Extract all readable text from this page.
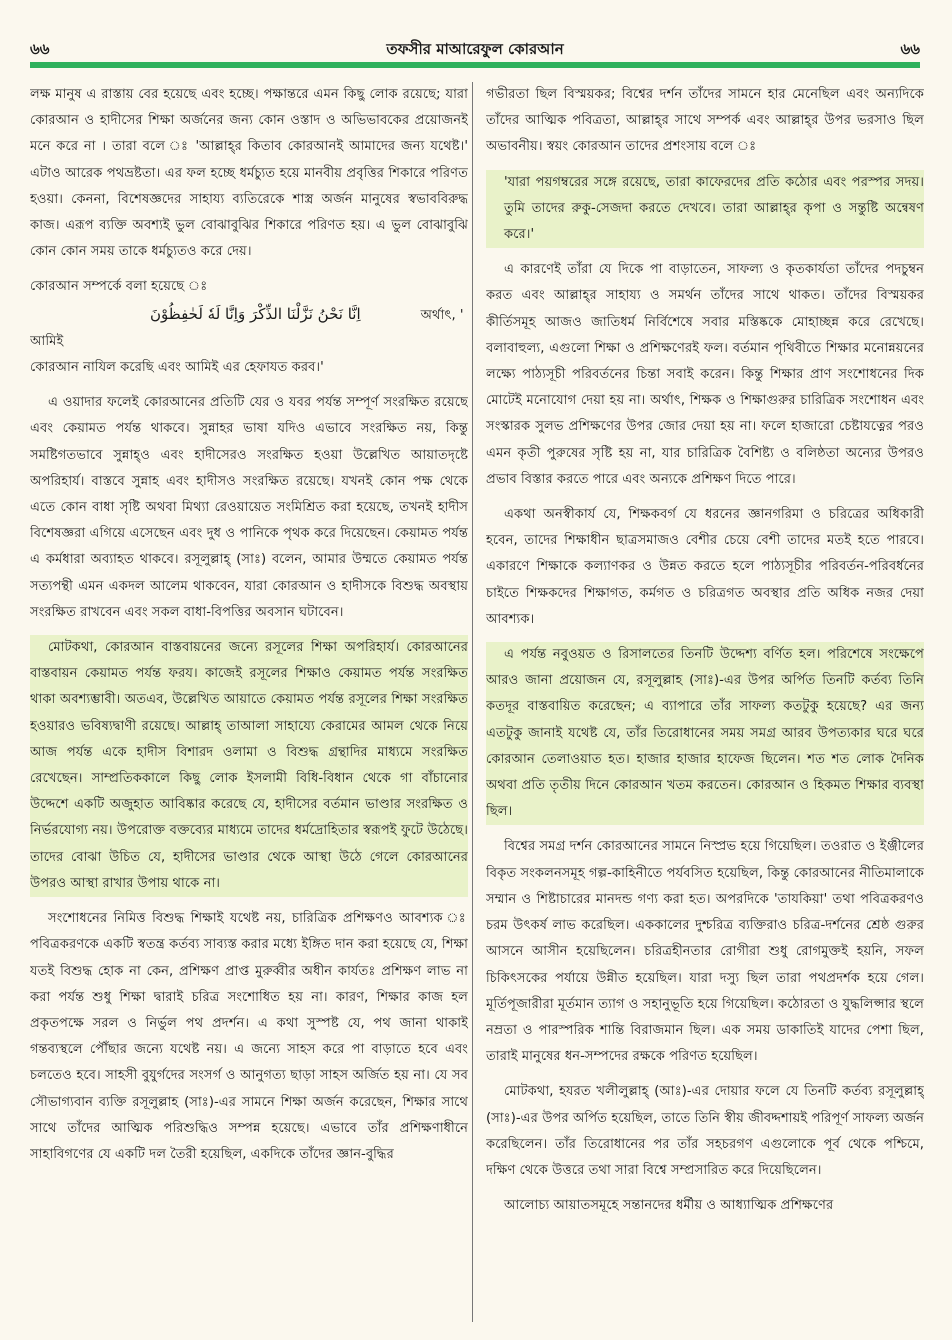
৬৬	তফসীর মাআরেফুল কোরআন	৬৬

লক্ষ মানুষ এ রাস্তায় বের হয়েছে এবং হচ্ছে। পক্ষান্তরে এমন কিছু লোক রয়েছে; যারা কোরআন ও হাদীসের শিক্ষা অর্জনের জন্য কোন ওস্তাদ ও অভিভাবকের প্রয়োজনই মনে করে না । তারা বলে ঃ 'আল্লাহ্‌র কিতাব কোরআনই আমাদের জন্য যথেষ্ট।' এটাও আরেক পথভ্রষ্টতা। এর ফল হচ্ছে ধর্মচ্যুত হয়ে মানবীয় প্রবৃত্তির শিকারে পরিণত হওয়া। কেননা, বিশেষজ্ঞদের সাহায্য ব্যতিরেকে শাস্ত্র অর্জন মানুষের স্বভাববিরুদ্ধ কাজ। এরূপ ব্যক্তি অবশ্যই ভুল বোঝাবুঝির শিকারে পরিণত হয়। এ ভুল বোঝাবুঝি কোন কোন সময় তাকে ধর্মচ্যুতও করে দেয়।

কোরআন সম্পর্কে বলা হয়েছে ঃ

اِنَّا نَحْنُ نَزَّلْنَا الذِّكْرَ وَاِنَّا لَهٗ لَحٰفِظُوْنَ	অর্থাৎ, ' আমিই

কোরআন নাযিল করেছি এবং আমিই এর হেফাযত করব।'

এ ওয়াদার ফলেই কোরআনের প্রতিটি যের ও যবর পর্যন্ত সম্পূর্ণ সংরক্ষিত রয়েছে এবং কেয়ামত পর্যন্ত থাকবে। সুন্নাহর ভাষা যদিও এভাবে সংরক্ষিত নয়, কিন্তু সমষ্টিগতভাবে সুন্নাহ্‌ও এবং হাদীসেরও সংরক্ষিত হওয়া উল্লেখিত আয়াতদৃষ্টে অপরিহার্য। বাস্তবে সুন্নাহ এবং হাদীসও সংরক্ষিত রয়েছে। যখনই কোন পক্ষ থেকে এতে কোন বাধা সৃষ্টি অথবা মিথ্যা রেওয়ায়েত সংমিশ্রিত করা হয়েছে, তখনই হাদীস বিশেষজ্ঞরা এগিয়ে এসেছেন এবং দুধ ও পানিকে পৃথক করে দিয়েছেন। কেয়ামত পর্যন্ত এ কর্মধারা অব্যাহত থাকবে। রসূলুল্লাহ্ (সাঃ) বলেন, আমার উম্মতে কেয়ামত পর্যন্ত সত্যপন্থী এমন একদল আলেম থাকবেন, যারা কোরআন ও হাদীসকে বিশুদ্ধ অবস্থায় সংরক্ষিত রাখবেন এবং সকল বাধা-বিপত্তির অবসান ঘটাবেন।

মোটকথা, কোরআন বাস্তবায়নের জন্যে রসূলের শিক্ষা অপরিহার্য। কোরআনের বাস্তবায়ন কেয়ামত পর্যন্ত ফরয। কাজেই রসূলের শিক্ষাও কেয়ামত পর্যন্ত সংরক্ষিত থাকা অবশ্যম্ভাবী। অতএব, উল্লেখিত আয়াতে কেয়ামত পর্যন্ত রসূলের শিক্ষা সংরক্ষিত হওয়ারও ভবিষ্যদ্বাণী রয়েছে। আল্লাহ্ তাআলা সাহায্যে কেরামের আমল থেকে নিয়ে আজ পর্যন্ত একে হাদীস বিশারদ ওলামা ও বিশুদ্ধ গ্রন্থাদির মাধ্যমে সংরক্ষিত রেখেছেন। সাম্প্রতিককালে কিছু লোক ইসলামী বিধি-বিধান থেকে গা বাঁচানোর উদ্দেশে একটি অজুহাত আবিষ্কার করেছে যে, হাদীসের বর্তমান ভাণ্ডার সংরক্ষিত ও নির্ভরযোগ্য নয়। উপরোক্ত বক্তব্যের মাধ্যমে তাদের ধর্মদ্রোহিতার স্বরূপই ফুটে উঠেছে। তাদের বোঝা উচিত যে, হাদীসের ভাণ্ডার থেকে আস্থা উঠে গেলে কোরআনের উপরও আস্থা রাখার উপায় থাকে না।

সংশোধনের নিমিত্ত বিশুদ্ধ শিক্ষাই যথেষ্ট নয়, চারিত্রিক প্রশিক্ষণও আবশ্যক ঃ পবিত্রকরণকে একটি স্বতন্ত্র কর্তব্য সাব্যস্ত করার মধ্যে ইঙ্গিত দান করা হয়েছে যে, শিক্ষা যতই বিশুদ্ধ হোক না কেন, প্রশিক্ষণ প্রাপ্ত মুরুব্বীর অধীন কার্যতঃ প্রশিক্ষণ লাভ না করা পর্যন্ত শুধু শিক্ষা দ্বারাই চরিত্র সংশোধিত হয় না। কারণ, শিক্ষার কাজ হল প্রকৃতপক্ষে সরল ও নির্ভুল পথ প্রদর্শন। এ কথা সুস্পষ্ট যে, পথ জানা থাকাই গন্তব্যস্থলে পৌঁছার জন্যে যথেষ্ট নয়। এ জন্যে সাহস করে পা বাড়াতে হবে এবং চলতেও হবে। সাহসী বুযুর্গদের সংসর্গ ও আনুগত্য ছাড়া সাহস অর্জিত হয় না। যে সব সৌভাগ্যবান ব্যক্তি রসূলুল্লাহ (সাঃ)-এর সামনে শিক্ষা অর্জন করেছেন, শিক্ষার সাথে সাথে তাঁদের আত্মিক পরিশুদ্ধিও সম্পন্ন হয়েছে। এভাবে তাঁর প্রশিক্ষণাধীনে সাহাবিগণের যে একটি দল তৈরী হয়েছিল, একদিকে তাঁদের জ্ঞান-বুদ্ধির

গভীরতা ছিল বিস্ময়কর; বিশ্বের দর্শন তাঁদের সামনে হার মেনেছিল এবং অন্যদিকে তাঁদের আত্মিক পবিত্রতা, আল্লাহ্‌র সাথে সম্পর্ক এবং আল্লাহ্‌র উপর ভরসাও ছিল অভাবনীয়। স্বয়ং কোরআন তাদের প্রশংসায় বলে ঃ

'যারা পয়গম্বরের সঙ্গে রয়েছে, তারা কাফেরদের প্রতি কঠোর এবং পরস্পর সদয়। তুমি তাদের রুকু-সেজদা করতে দেখবে। তারা আল্লাহ্‌র কৃপা ও সন্তুষ্টি অন্বেষণ করে।'

এ কারণেই তাঁরা যে দিকে পা বাড়াতেন, সাফল্য ও কৃতকার্যতা তাঁদের পদচুম্বন করত এবং আল্লাহ্‌র সাহায্য ও সমর্থন তাঁদের সাথে থাকত। তাঁদের বিস্ময়কর কীর্তিসমূহ আজও জাতিধর্ম নির্বিশেষে সবার মস্তিষ্ককে মোহাচ্ছন্ন করে রেখেছে। বলাবাহুল্য, এগুলো শিক্ষা ও প্রশিক্ষণেরই ফল। বর্তমান পৃথিবীতে শিক্ষার মনোন্নয়নের লক্ষ্যে পাঠ্যসূচী পরিবর্তনের চিন্তা সবাই করেন। কিন্তু শিক্ষার প্রাণ সংশোধনের দিক মোটেই মনোযোগ দেয়া হয় না। অর্থাৎ, শিক্ষক ও শিক্ষাগুরুর চারিত্রিক সংশোধন এবং সংস্কারক সুলভ প্রশিক্ষণের উপর জোর দেয়া হয় না। ফলে হাজারো চেষ্টাযত্নের পরও এমন কৃতী পুরুষের সৃষ্টি হয় না, যার চারিত্রিক বৈশিষ্ট্য ও বলিষ্ঠতা অন্যের উপরও প্রভাব বিস্তার করতে পারে এবং অন্যকে প্রশিক্ষণ দিতে পারে।

একথা অনস্বীকার্য যে, শিক্ষকবর্গ যে ধরনের জ্ঞানগরিমা ও চরিত্রের অধিকারী হবেন, তাদের শিক্ষাধীন ছাত্রসমাজও বেশীর চেয়ে বেশী তাদের মতই হতে পারবে। একারণে শিক্ষাকে কল্যাণকর ও উন্নত করতে হলে পাঠ্যসূচীর পরিবর্তন-পরিবর্ধনের চাইতে শিক্ষকদের শিক্ষাগত, কর্মগত ও চরিত্রগত অবস্থার প্রতি অধিক নজর দেয়া আবশ্যক।

এ পর্যন্ত নবুওয়ত ও রিসালতের তিনটি উদ্দেশ্য বর্ণিত হল। পরিশেষে সংক্ষেপে আরও জানা প্রয়োজন যে, রসূলুল্লাহ (সাঃ)-এর উপর অর্পিত তিনটি কর্তব্য তিনি কতদূর বাস্তবায়িত করেছেন; এ ব্যাপারে তাঁর সাফল্য কতটুকু হয়েছে? এর জন্য এতটুকু জানাই যথেষ্ট যে, তাঁর তিরোধানের সময় সমগ্র আরব উপত্যকার ঘরে ঘরে কোরআন তেলাওয়াত হত। হাজার হাজার হাফেজ ছিলেন। শত শত লোক দৈনিক অথবা প্রতি তৃতীয় দিনে কোরআন খতম করতেন। কোরআন ও হিকমত শিক্ষার ব্যবস্থা ছিল।

বিশ্বের সমগ্র দর্শন কোরআনের সামনে নিস্প্রভ হয়ে গিয়েছিল। তওরাত ও ইঞ্জীলের বিকৃত সংকলনসমূহ গল্প-কাহিনীতে পর্যবসিত হয়েছিল, কিন্তু কোরআনের নীতিমালাকে সম্মান ও শিষ্টাচারের মানদন্ড গণ্য করা হত। অপরদিকে 'তাযকিয়া' তথা পবিত্রকরণও চরম উৎকর্ষ লাভ করেছিল। এককালের দুশ্চরিত্র ব্যক্তিরাও চরিত্র-দর্শনের শ্রেষ্ঠ গুরুর আসনে আসীন হয়েছিলেন। চরিত্রহীনতার রোগীরা শুধু রোগমুক্তই হয়নি, সফল চিকিৎসকের পর্যায়ে উন্নীত হয়েছিল। যারা দস্যু ছিল তারা পথপ্রদর্শক হয়ে গেল। মূর্তিপূজারীরা মূর্তমান ত্যাগ ও সহানুভূতি হয়ে গিয়েছিল। কঠোরতা ও যুদ্ধলিপ্সার স্থলে নম্রতা ও পারস্পরিক শান্তি বিরাজমান ছিল। এক সময় ডাকাতিই যাদের পেশা ছিল, তারাই মানুষের ধন-সম্পদের রক্ষকে পরিণত হয়েছিল।

মোটকথা, হযরত খলীলুল্লাহ্ (আঃ)-এর দোয়ার ফলে যে তিনটি কর্তব্য রসূলুল্লাহ্ (সাঃ)-এর উপর অর্পিত হয়েছিল, তাতে তিনি স্বীয় জীবদ্দশায়ই পরিপূর্ণ সাফল্য অর্জন করেছিলেন। তাঁর তিরোধানের পর তাঁর সহচরগণ এগুলোকে পূর্ব থেকে পশ্চিমে, দক্ষিণ থেকে উত্তরে তথা সারা বিশ্বে সম্প্রসারিত করে দিয়েছিলেন।

আলোচ্য আয়াতসমূহে সন্তানদের ধর্মীয় ও আধ্যাত্মিক প্রশিক্ষণের
